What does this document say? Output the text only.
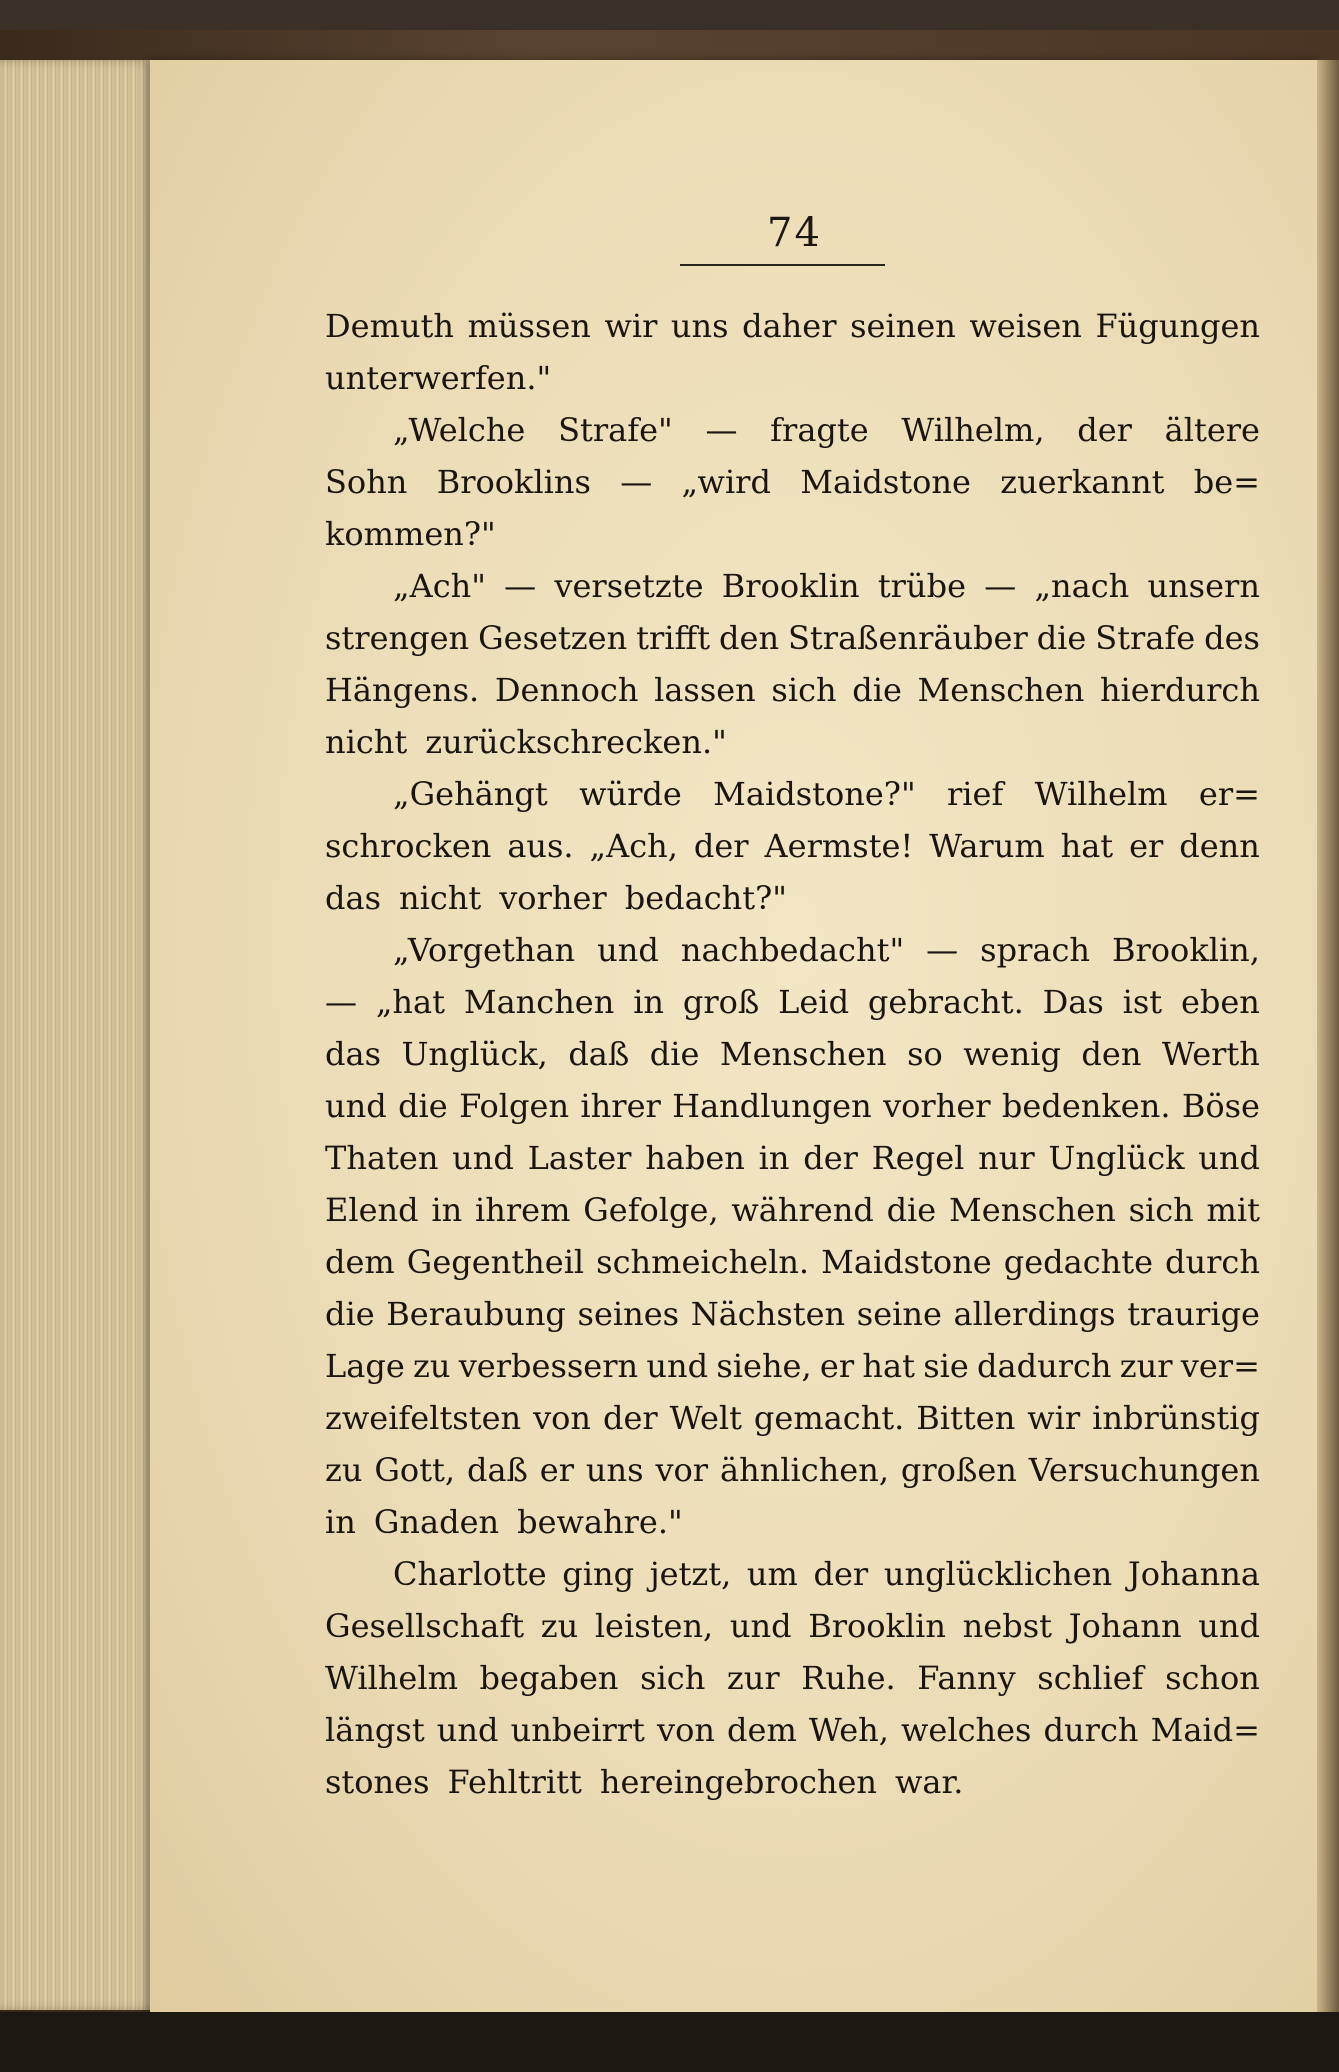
74
Demuth müssen wir uns daher seinen weisen Fügungen
unterwerfen."
„Welche Strafe" — fragte Wilhelm, der ältere
Sohn Brooklins — „wird Maidstone zuerkannt be=
kommen?"
„Ach" — versetzte Brooklin trübe — „nach unsern
strengen Gesetzen trifft den Straßenräuber die Strafe des
Hängens. Dennoch lassen sich die Menschen hierdurch
nicht zurückschrecken."
„Gehängt würde Maidstone?" rief Wilhelm er=
schrocken aus. „Ach, der Aermste! Warum hat er denn
das nicht vorher bedacht?"
„Vorgethan und nachbedacht" — sprach Brooklin,
— „hat Manchen in groß Leid gebracht. Das ist eben
das Unglück, daß die Menschen so wenig den Werth
und die Folgen ihrer Handlungen vorher bedenken. Böse
Thaten und Laster haben in der Regel nur Unglück und
Elend in ihrem Gefolge, während die Menschen sich mit
dem Gegentheil schmeicheln. Maidstone gedachte durch
die Beraubung seines Nächsten seine allerdings traurige
Lage zu verbessern und siehe, er hat sie dadurch zur ver=
zweifeltsten von der Welt gemacht. Bitten wir inbrünstig
zu Gott, daß er uns vor ähnlichen, großen Versuchungen
in Gnaden bewahre."
Charlotte ging jetzt, um der unglücklichen Johanna
Gesellschaft zu leisten, und Brooklin nebst Johann und
Wilhelm begaben sich zur Ruhe. Fanny schlief schon
längst und unbeirrt von dem Weh, welches durch Maid=
stones Fehltritt hereingebrochen war.
